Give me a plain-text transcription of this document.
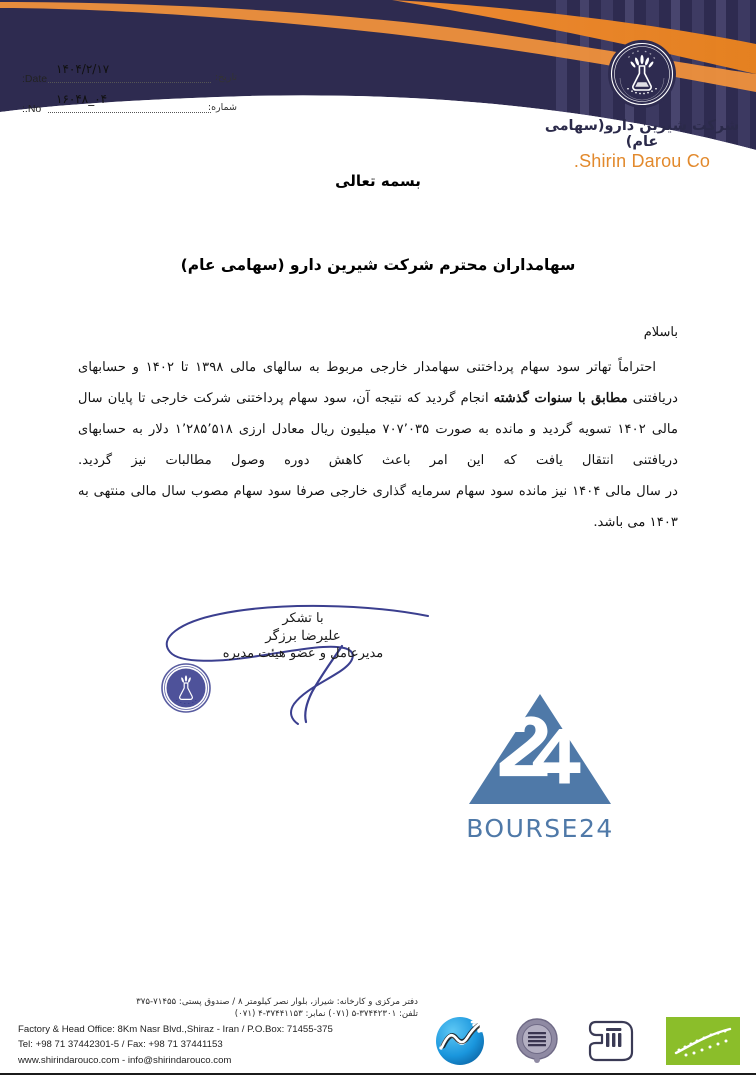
Date:	تاریخ:
۱۴۰۴/۲/۱۷
No.:	شماره:
۱۶۰۴۸_۰۴
شرکت شیرین دارو(سهامی عام)
Shirin Darou Co.
بسمه تعالی
سهامداران محترم شرکت شیرین دارو (سهامی عام)
باسلام

احتراماً تهاتر سود سهام پرداختنی سهامدار خارجی مربوط به سالهای مالی ۱۳۹۸ تا ۱۴۰۲ و حسابهای دریافتنی مطابق با سنوات گذشته انجام گردید که نتیجه آن، سود سهام پرداختنی شرکت خارجی تا پایان سال مالی ۱۴۰۲ تسویه گردید و مانده به صورت ۷۰۷٬۰۳۵ میلیون ریال معادل ارزی ۱٬۲۸۵٬۵۱۸ دلار به حسابهای دریافتنی انتقال یافت که این امر باعث کاهش دوره وصول مطالبات نیز گردید.

در سال مالی ۱۴۰۴ نیز مانده سود سهام سرمایه گذاری خارجی صرفا سود سهام مصوب سال مالی منتهی به ۱۴۰۳ می باشد.

با تشکر
علیرضا برزگر
مدیرعامل و عضو هیئت مدیره
BOURSE24
دفتر مرکزی و کارخانه: شیراز، بلوار نصر کیلومتر ۸ / صندوق پستی: ۷۱۴۵۵-۳۷۵
تلفن: ۳۷۴۴۲۳۰۱-۵ (۰۷۱) نمابر: ۳۷۴۴۱۱۵۳-۴ (۰۷۱)
Factory & Head Office: 8Km Nasr Blvd.,Shiraz - Iran / P.O.Box: 71455-375
Tel: +98 71 37442301-5 / Fax: +98 71 37441153
www.shirindarouco.com - info@shirindarouco.com
